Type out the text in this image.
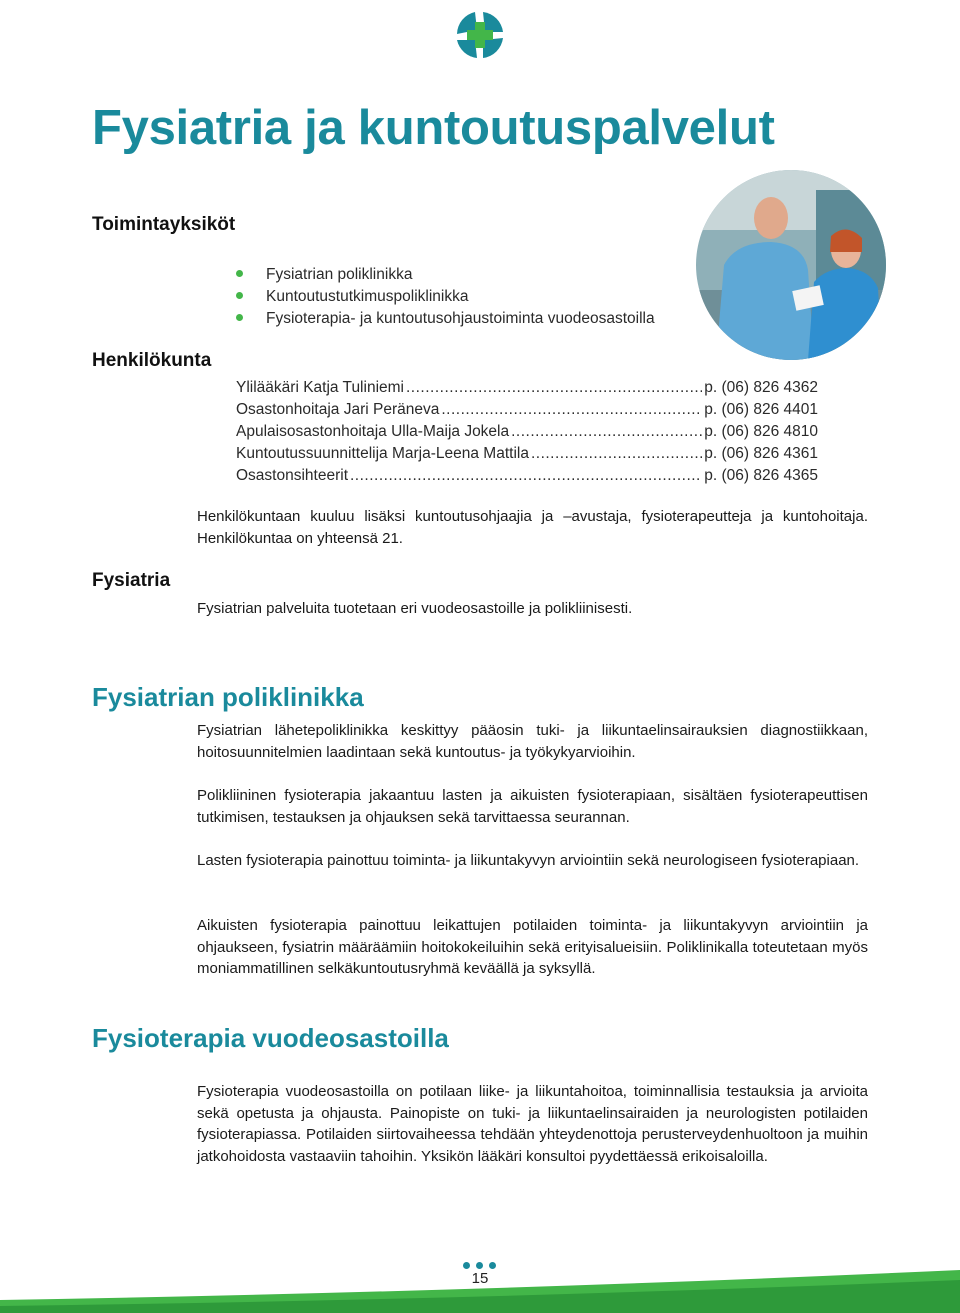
Fysiatria ja kuntoutuspalvelut
Toimintayksiköt
Fysiatrian poliklinikka
Kuntoutustutkimuspoliklinikka
Fysioterapia- ja kuntoutusohjaustoiminta vuodeosastoilla
Henkilökunta
Ylilääkäri Katja Tuliniemi .....	p. (06) 826 4362
Osastonhoitaja Jari Peräneva .....	p. (06) 826 4401
Apulaisosastonhoitaja Ulla-Maija Jokela .....	p. (06) 826 4810
Kuntoutussuunnittelija Marja-Leena Mattila .....	p. (06) 826 4361
Osastonsihteerit .....	p. (06) 826 4365

Henkilökuntaan kuuluu lisäksi kuntoutusohjaajia ja –avustaja, fysioterapeutteja ja kuntohoitaja. Henkilökuntaa on yhteensä 21.

Fysiatria

Fysiatrian palveluita tuotetaan eri vuodeosastoille ja polikliinisesti.

Fysiatrian poliklinikka

Fysiatrian lähetepoliklinikka keskittyy pääosin tuki- ja liikuntaelinsairauksien diagnostiikkaan, hoitosuunnitelmien laadintaan sekä kuntoutus- ja työkykyarvioihin.

Polikliininen fysioterapia jakaantuu lasten ja aikuisten fysioterapiaan, sisältäen fysioterapeuttisen tutkimisen, testauksen ja ohjauksen sekä tarvittaessa seurannan.

Lasten fysioterapia painottuu toiminta- ja liikuntakyvyn arviointiin sekä neurologiseen fysioterapiaan.

Aikuisten fysioterapia painottuu leikattujen potilaiden toiminta- ja liikuntakyvyn arviointiin ja ohjaukseen, fysiatrin määräämiin hoitokokeiluihin sekä erityisalueisiin. Poliklinikalla toteutetaan myös moniammatillinen selkäkuntoutusryhmä keväällä ja syksyllä.

Fysioterapia vuodeosastoilla

Fysioterapia vuodeosastoilla on potilaan liike- ja liikuntahoitoa, toiminnallisia testauksia ja arvioita sekä opetusta ja ohjausta. Painopiste on tuki- ja liikuntaelinsairaiden ja neurologisten potilaiden fysioterapiassa. Potilaiden siirtovaiheessa tehdään yhteydenottoja perusterveydenhuoltoon ja muihin jatkohoidosta vastaaviin tahoihin. Yksikön lääkäri konsultoi pyydettäessä erikoisaloilla.

15
